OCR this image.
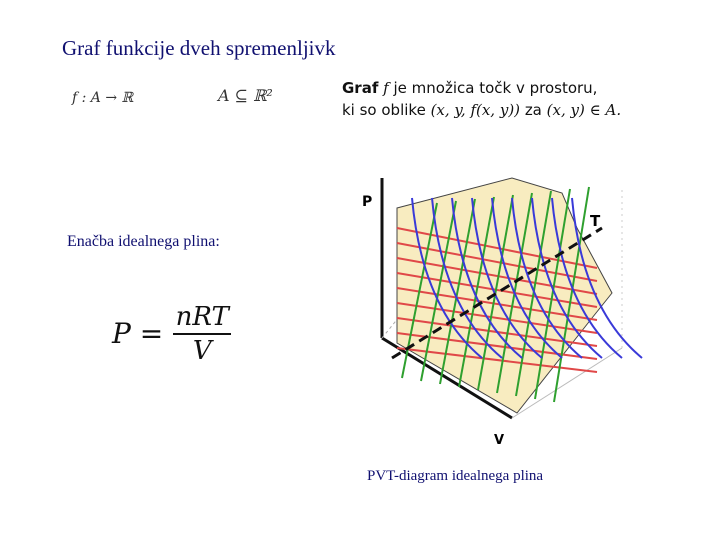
Graf funkcije dveh spremenljivk
f : A → ℝ	A ⊆ ℝ²	Graf f je množica točk v prostoru,
ki so oblike (x, y, f(x, y)) za (x, y) ∈ A.
Enačba idealnega plina:
$P = \frac{\text{nRT}}{V}$
P
T
V
PVT-diagram idealnega plina
